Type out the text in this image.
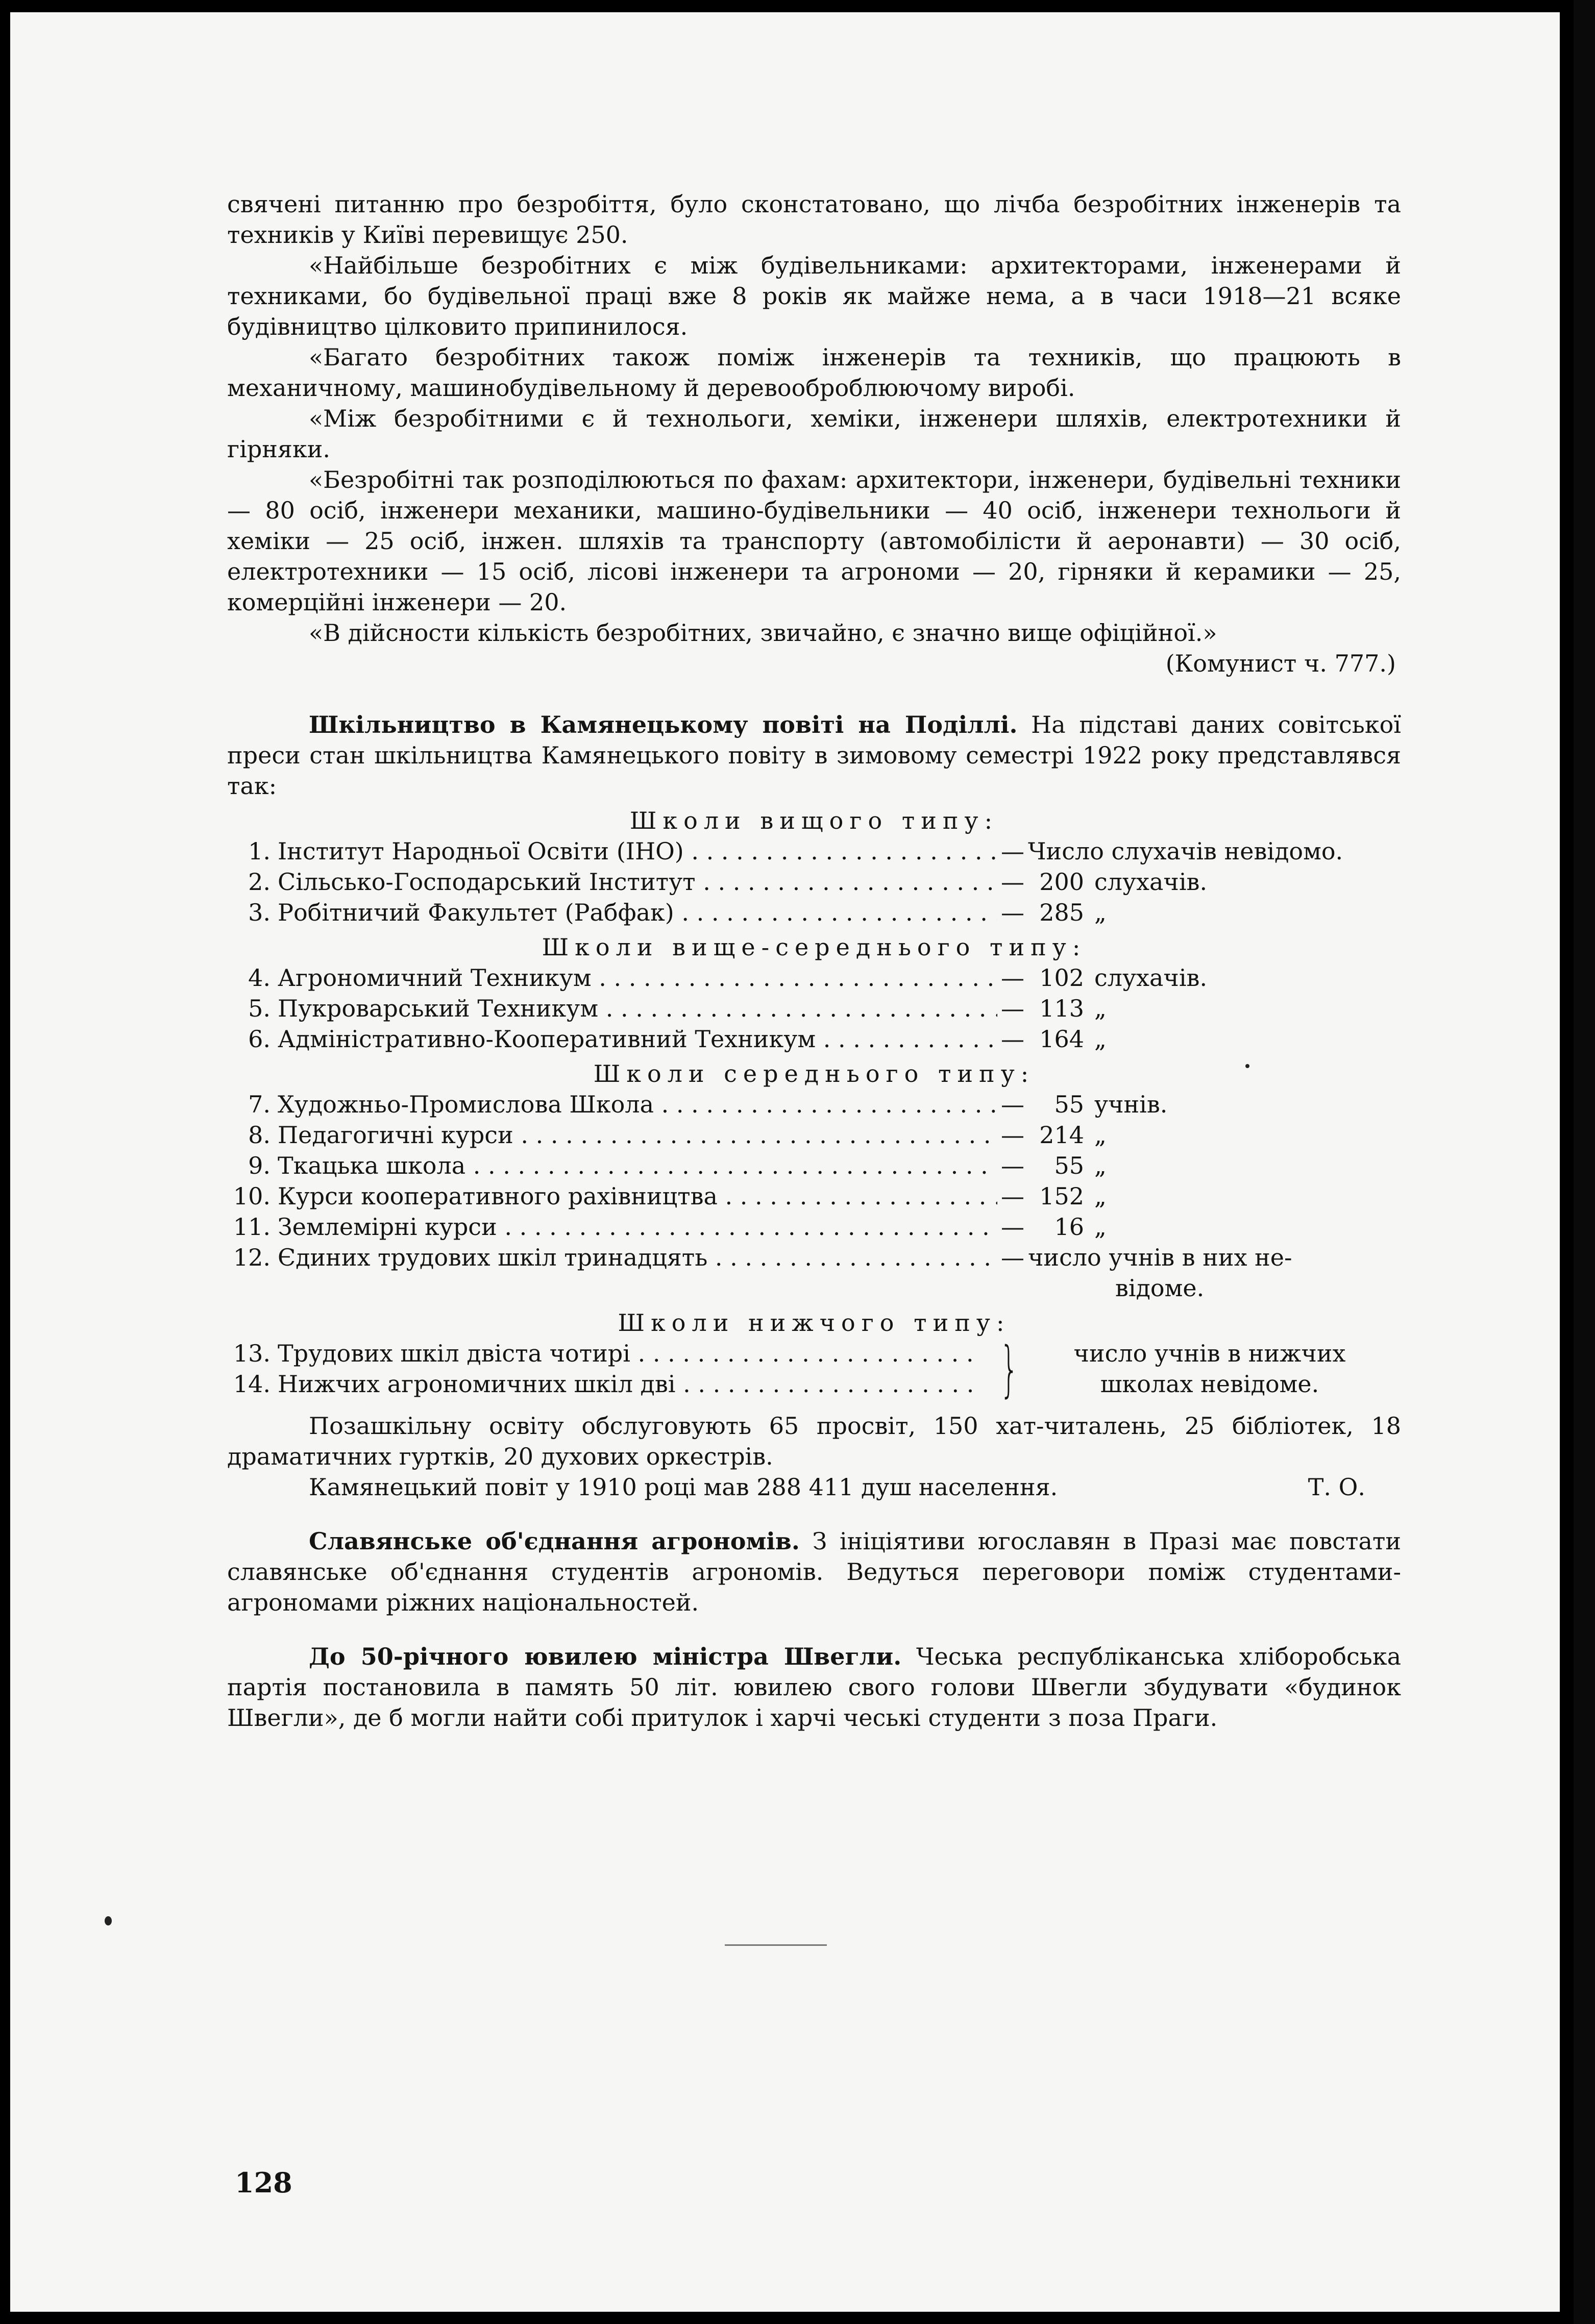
свячені питанню про безробіття, було сконстатовано, що лічба безробітних інженерів та техників у Київі перевищує 250.

«Найбільше безробітних є між будівельниками: архитекторами, інженерами й техниками, бо будівельної праці вже 8 років як майже нема, а в часи 1918—21 всяке будівництво цілковито припинилося.

«Багато безробітних також поміж інженерів та техників, що працюють в механичному, машинобудівельному й деревооброблюючому виробі.

«Між безробітними є й технольоги, хеміки, інженери шляхів, електротехники й гірняки.

«Безробітні так розподілюються по фахам: архитектори, інженери, будівельні техники — 80 осіб, інженери механики, машино-будівельники — 40 осіб, інженери технольоги й хеміки — 25 осіб, інжен. шляхів та транспорту (автомобілісти й аеронавти) — 30 осіб, електротехники — 15 осіб, лісові інженери та агрономи — 20, гірняки й керамики — 25, комерційні інженери — 20.

«В дійсности кількість безробітних, звичайно, є значно вище офіційної.»

(Комунист ч. 777.)

Шкільництво в Камянецькому повіті на Поділлі. На підставі даних совітської преси стан шкільництва Камянецького повіту в зимовому семестрі 1922 року представлявся так:

Школи вищого типу:
1. Інститут Народньої Освіти (ІНО) . . .	— Число слухачів невідомо.
2. Сільсько-Господарський Інститут . . .	— 200 слухачів.
3. Робітничий Факультет (Рабфак) . . .	— 285 „
Школи вище-середнього типу:
4. Агрономичний Техникум . . .	— 102 слухачів.
5. Пукроварський Техникум . . .	— 113 „
6. Адміністративно-Кооперативний Техникум . . .	— 164 „
Школи середнього типу:
7. Художньо-Промислова Школа . . .	—	55 учнів.
8. Педагогичні курси . . .	— 214 „
9. Ткацька школа . . .	—	55 „
10. Курси кооперативного рахівництва . . .	— 152 „
11. Землемірні курси . . .	—	16 „
12. Єдиних трудових шкіл тринадцять . . .	— число учнів в них не-
відоме.
Школи нижчого типу:
13. Трудових шкіл двіста чотирі . . .
14. Нижчих агрономичних шкіл дві . . .	}	число учнів в нижчих
школах невідоме.

Позашкільну освіту обслуговують 65 просвіт, 150 хат-читалень, 25 бібліотек, 18 драматичних гуртків, 20 духових оркестрів.

Камянецький повіт у 1910 році мав 288 411 душ населення.	Т. О.

Славянське об'єднання агрономів. З ініціятиви югославян в Празі має повстати славянське об'єднання студентів агрономів. Ведуться переговори поміж студентами-агрономами ріжних національностей.

До 50-річного ювилею міністра Швегли. Чеська республіканська хліборобська партія постановила в память 50 літ. ювилею свого голови Швегли збудувати «будинок Швегли», де б могли найти собі притулок і харчі чеські студенти з поза Праги.

128
